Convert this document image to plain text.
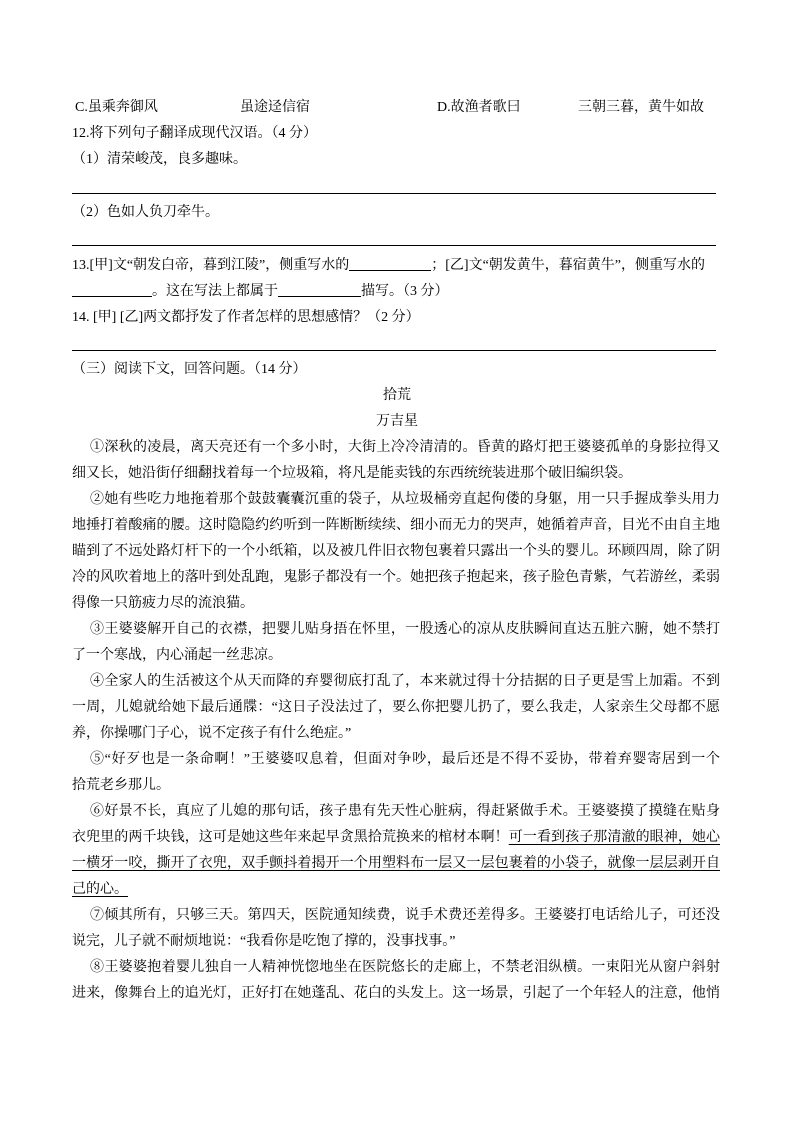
C.虽乘奔御风	虽途迳信宿	D.故渔者歌曰	三朝三暮，黄牛如故
12.将下列句子翻译成现代汉语。（4 分）
（1）清荣峻茂，良多趣味。
（2）色如人负刀牵牛。
13.[甲]文“朝发白帝，暮到江陵”，侧重写水的	；[乙]文“朝发黄牛，暮宿黄牛”，侧重写水的
。这在写法上都属于	描写。（3 分）
14. [甲] [乙]两文都抒发了作者怎样的思想感情？（2 分）
（三）阅读下文，回答问题。（14 分）
拾荒
万吉星
①深秋的凌晨，离天亮还有一个多小时，大街上冷冷清清的。昏黄的路灯把王婆婆孤单的身影拉得又
细又长，她沿街仔细翻找着每一个垃圾箱，将凡是能卖钱的东西统统装进那个破旧编织袋。
②她有些吃力地拖着那个鼓鼓囊囊沉重的袋子，从垃圾桶旁直起佝偻的身躯，用一只手握成拳头用力
地捶打着酸痛的腰。这时隐隐约约听到一阵断断续续、细小而无力的哭声，她循着声音，目光不由自主地
瞄到了不远处路灯杆下的一个小纸箱，以及被几件旧衣物包裹着只露出一个头的婴儿。环顾四周，除了阴
冷的风吹着地上的落叶到处乱跑，鬼影子都没有一个。她把孩子抱起来，孩子脸色青紫，气若游丝，柔弱
得像一只筋疲力尽的流浪猫。
③王婆婆解开自己的衣襟，把婴儿贴身捂在怀里，一股透心的凉从皮肤瞬间直达五脏六腑，她不禁打
了一个寒战，内心涌起一丝悲凉。
④全家人的生活被这个从天而降的弃婴彻底打乱了，本来就过得十分拮据的日子更是雪上加霜。不到
一周，儿媳就给她下最后通牒：“这日子没法过了，要么你把婴儿扔了，要么我走，人家亲生父母都不愿
养，你操哪门子心，说不定孩子有什么绝症。”
⑤“好歹也是一条命啊！”王婆婆叹息着，但面对争吵，最后还是不得不妥协，带着弃婴寄居到一个
拾荒老乡那儿。
⑥好景不长，真应了儿媳的那句话，孩子患有先天性心脏病，得赶紧做手术。王婆婆摸了摸缝在贴身
衣兜里的两千块钱，这可是她这些年来起早贪黑拾荒换来的棺材本啊！可一看到孩子那清澈的眼神，她心
一横牙一咬，撕开了衣兜，双手颤抖着揭开一个用塑料布一层又一层包裹着的小袋子，就像一层层剥开自
己的心。
⑦倾其所有，只够三天。第四天，医院通知续费，说手术费还差得多。王婆婆打电话给儿子，可还没
说完，儿子就不耐烦地说：“我看你是吃饱了撑的，没事找事。”
⑧王婆婆抱着婴儿独自一人精神恍惚地坐在医院悠长的走廊上，不禁老泪纵横。一束阳光从窗户斜射
进来，像舞台上的追光灯，正好打在她蓬乱、花白的头发上。这一场景，引起了一个年轻人的注意，他悄
